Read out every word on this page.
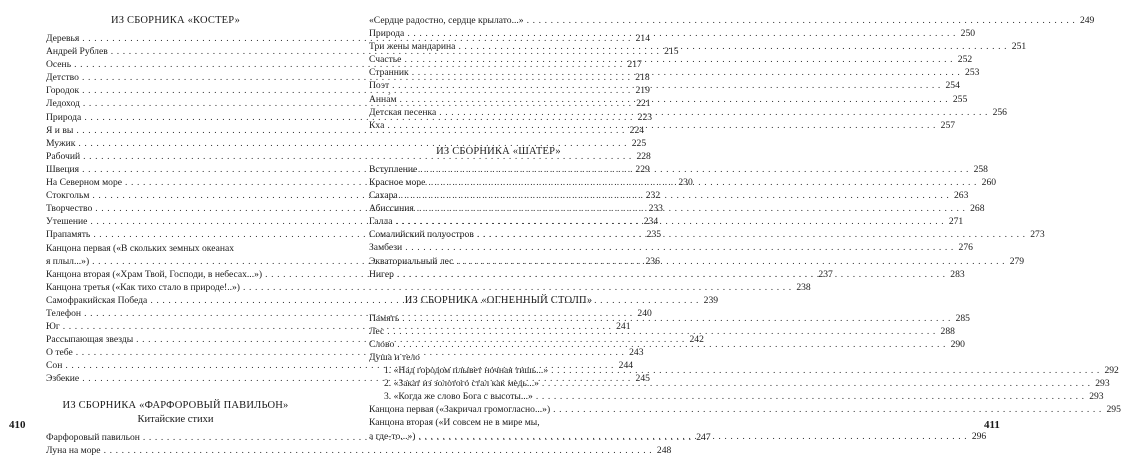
ИЗ СБОРНИКА «КОСТЕР»
Деревья . . .	214
Андрей Рублев . . .	215
Осень . . .	217
Детство . . .	218
Городок . . .	219
Ледоход . . .	221
Природа . . .	223
Я и вы . . .	224
Мужик . . .	225
Рабочий . . .	228
Швеция . . .	229
На Северном море . . .	230
Стокгольм . . .	232
Творчество . . .	233
Утешение . . .	234
Прапамять . . .	235
Канцона первая («В скольких земных океанах
я плыл...») . . .	236
Канцона вторая («Храм Твой, Господи, в небесах...») . . .	237
Канцона третья («Как тихо стало в природе!..») . . .	238
Самофракийская Победа . . .	239
Телефон . . .	240
Юг . . .	241
Рассыпающая звезды . . .	242
О тебе . . .	243
Сон . . .	244
Эзбекие . . .	245
ИЗ СБОРНИКА «ФАРФОРОВЫЙ ПАВИЛЬОН»
Китайские стихи
Фарфоровый павильон . . .	247
Луна на море . . .	248
410
«Сердце радостно, сердце крылато...» . . .	249
Природа . . .	250
Три жены мандарина . . .	251
Счастье . . .	252
Странник . . .	253
Поэт . . .	254
Анна́м . . .	255
Детская песенка . . .	256
Кха . . .	257
ИЗ СБОРНИКА «ШАТЕР»
Вступление . . .	258
Красное море . . .	260
Сахара . . .	263
Абиссиния . . .	268
Галла . . .	271
Сомалийский полуостров . . .	273
Замбези . . .	276
Экваториальный лес . . .	279
Нигер . . .	283
ИЗ СБОРНИКА «ОГНЕННЫЙ СТОЛП»
Память . . .	285
Лес . . .	288
Слово . . .	290
Душа и тело
1. «Над городом плывет ночная тишь...» . . .	292
2. «Закат из золотого стал как медь...» . . .	293
3. «Когда же слово Бога с высоты...» . . .	293
Канцона первая («Закричал громогласно...») . . .	295
Канцона вторая («И совсем не в мире мы,
а где-то...») . . .	296
411
